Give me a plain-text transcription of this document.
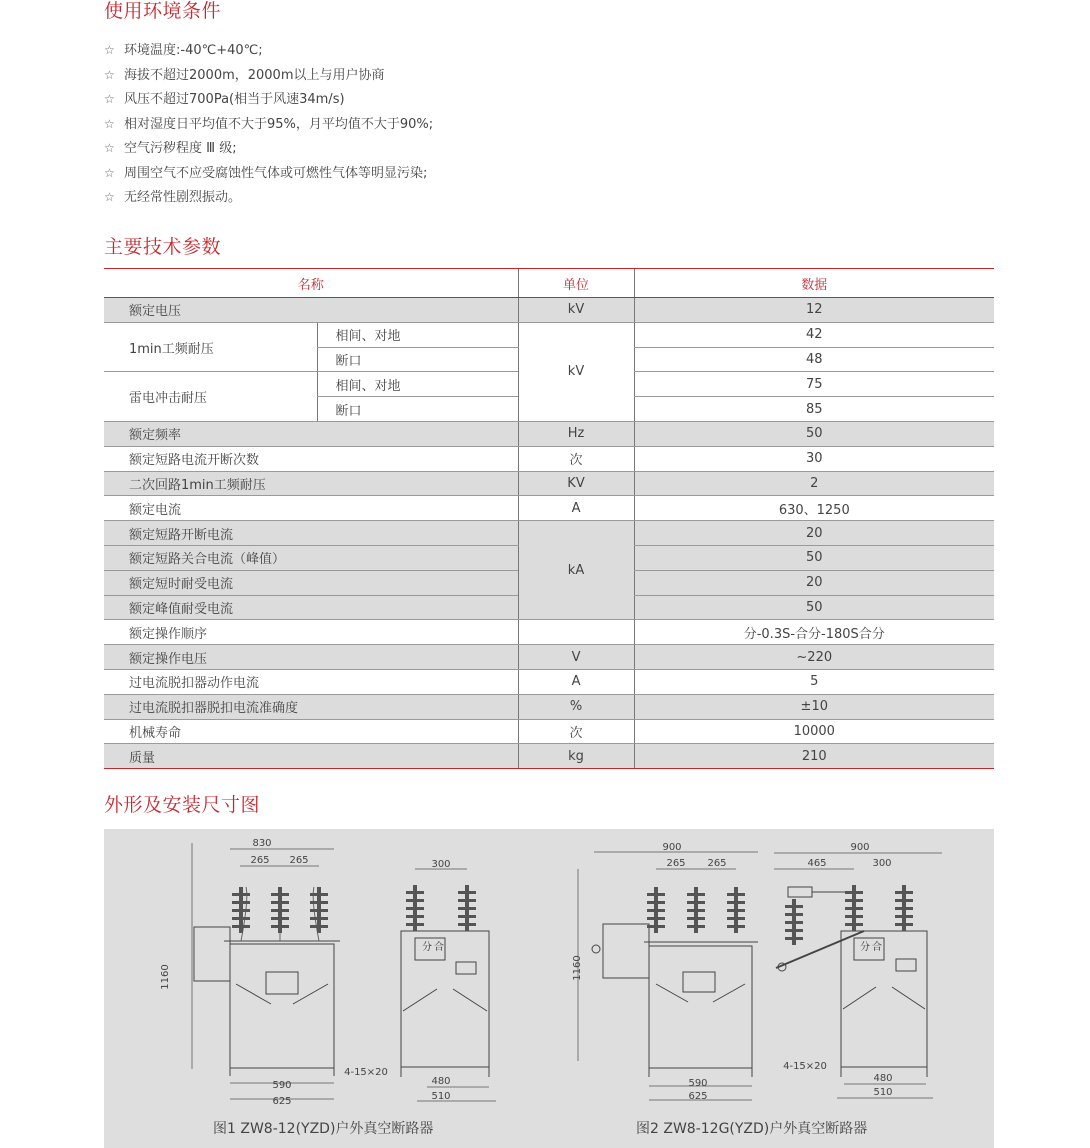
使用环境条件
☆ 环境温度:-40℃+40℃;
☆ 海拔不超过2000m，2000m以上与用户协商
☆ 风压不超过700Pa(相当于风速34m/s)
☆ 相对湿度日平均值不大于95%，月平均值不大于90%;
☆ 空气污秽程度 Ⅲ 级;
☆ 周围空气不应受腐蚀性气体或可燃性气体等明显污染;
☆ 无经常性剧烈振动。
主要技术参数
名称		单位	数据
额定电压		kV	12
1min工频耐压	相间、对地	kV	42
	断口		48
雷电冲击耐压	相间、对地		75
	断口		85
额定频率		Hz	50
额定短路电流开断次数		次	30
二次回路1min工频耐压		KV	2
额定电流		A	630、1250
额定短路开断电流		kA	20
额定短路关合电流（峰值）			50
额定短时耐受电流			20
额定峰值耐受电流			50
额定操作顺序			分-0.3S-合分-180S合分
额定操作电压		V	~220
过电流脱扣器动作电流		A	5
过电流脱扣器脱扣电流准确度		%	±10
机械寿命		次	10000
质量		kg	210
外形及安装尺寸图
830
265 265
1160
590
625
分 合
300
4-15×20
480
510
900
265 265
1160
590
625
分 合
900
465	300
4-15×20
480
510
图1 ZW8-12(YZD)户外真空断路器	图2 ZW8-12G(YZD)户外真空断路器
